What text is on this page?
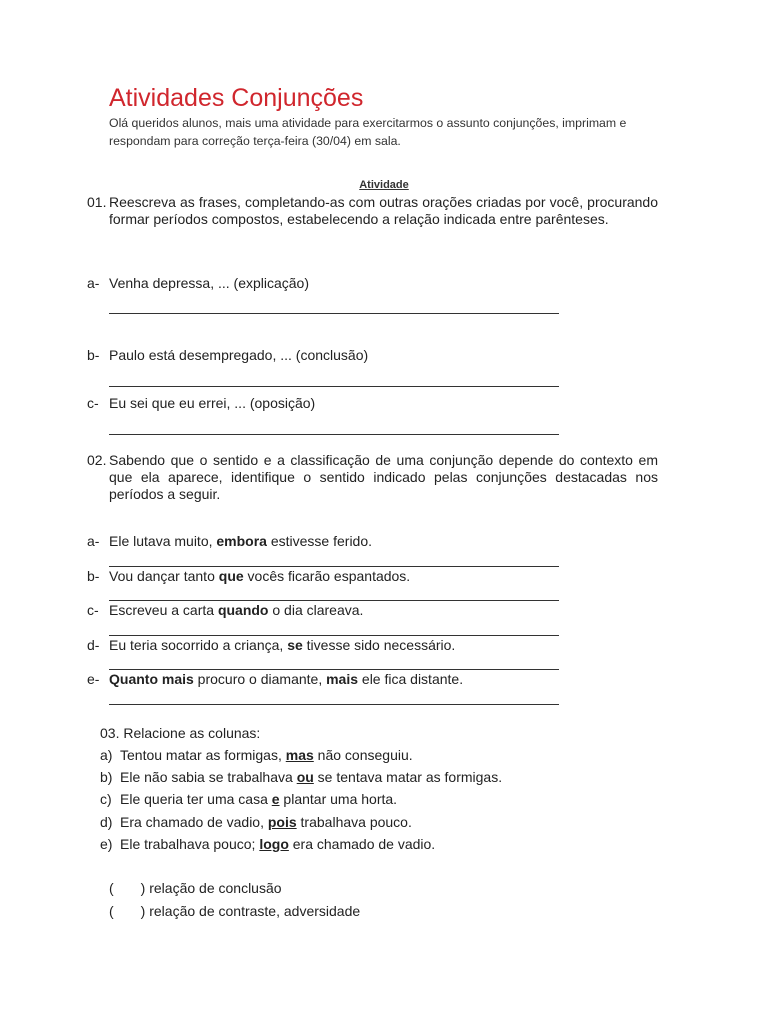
Atividades Conjunções
Olá queridos alunos, mais uma atividade para exercitarmos o assunto conjunções, imprimam e respondam para correção terça-feira (30/04) em sala.
Atividade
01. Reescreva as frases, completando-as com outras orações criadas por você, procurando formar períodos compostos, estabelecendo a relação indicada entre parênteses.
a- Venha depressa, ... (explicação)
b- Paulo está desempregado, ... (conclusão)
c- Eu sei que eu errei, ... (oposição)
02. Sabendo que o sentido e a classificação de uma conjunção depende do contexto em que ela aparece, identifique o sentido indicado pelas conjunções destacadas nos períodos a seguir.
a- Ele lutava muito, embora estivesse ferido.
b- Vou dançar tanto que vocês ficarão espantados.
c- Escreveu a carta quando o dia clareava.
d- Eu teria socorrido a criança, se tivesse sido necessário.
e- Quanto mais procuro o diamante, mais ele fica distante.
03. Relacione as colunas:
a) Tentou matar as formigas, mas não conseguiu.
b) Ele não sabia se trabalhava ou se tentava matar as formigas.
c) Ele queria ter uma casa e plantar uma horta.
d) Era chamado de vadio, pois trabalhava pouco.
e) Ele trabalhava pouco; logo era chamado de vadio.
( ) relação de conclusão
( ) relação de contraste, adversidade
